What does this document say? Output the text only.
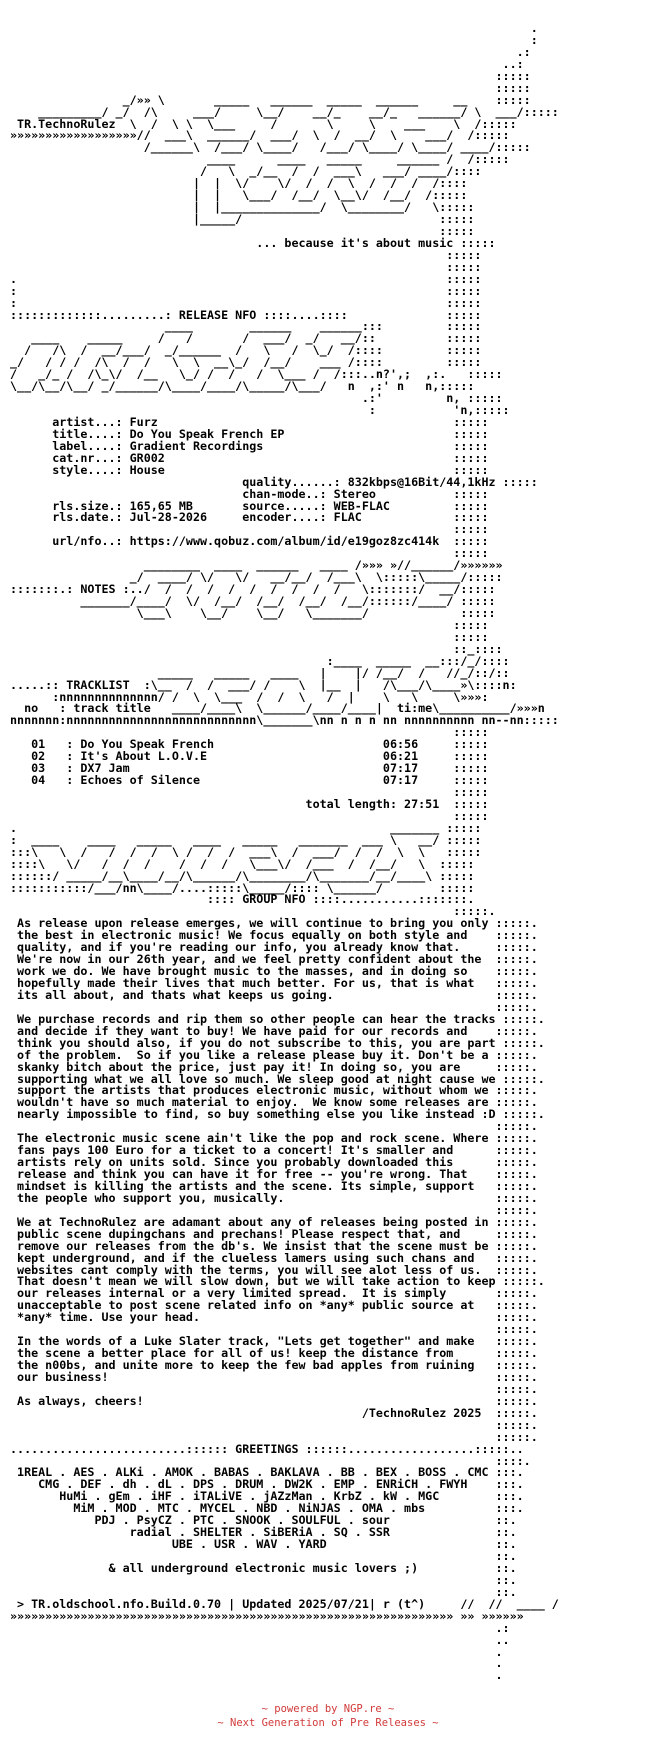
.
:
.:
..:
:::::
:::::
_/»» \       _____   ______  _____  ______     __    :::::
_________/ _/  /\     ___/     \__/    __/_    __/_   ______/ \  ___/:::::
TR.TechnoRulez  \  /  \ \  \___     /       \     \    ___    \  /:::::
»»»»»»»»»»»»»»»»»»//  ___\  ______/  ___/  \  /  __/  \    ___/  /:::::
/______\  /___/ \____/   /___/ \____/ \____/ ____/:::::
____      ____   _____     ______ /  /:::::
/   \  _/__  /  /  ___\   ___/ ____/::::
|  |  \/    \/  /  /  \  /  /  /  /::::
|  |   \___/  /__/  \__\/  /__/  /:::::
|  |______________/  \________/   \:::::
|_____/                            :::::
:::::
... because it's about music :::::
:::::
:::::
.                                                             :::::
:                                                             :::::
:                                                             :::::
:::::::::::::.........: RELEASE NFO ::::....::::              :::::
____        ______    ______:::         :::::
____    _____     /   /       /  ___/  _/   __/::          :::::
/   /\  /  __/___/  _/______  /   \   /  \_/  /::::         :::::
_/   / / /  /\  /  /   \  \  __\_/  /__/    ___ /::::         :::::
/   _/_ /  /\_\/  /__   \_/ /  /   /  \___ /  /:::..n?',;  ,:.   :::::
\__/\__/\__/ _/______/\____/____/\_____/\___/   n  ,:' n   n,:::::
.:'         n, :::::
:           'n,:::::
artist...: Furz                                          :::::
title....: Do You Speak French EP                        :::::
label....: Gradient Recordings                           :::::
cat.nr...: GR002                                         :::::
style....: House                                         :::::
quality......: 832kbps@16Bit/44,1kHz :::::
chan-mode..: Stereo           :::::
rls.size.: 165,65 MB       source.....: WEB-FLAC         :::::
rls.date.: Jul-28-2026     encoder....: FLAC             :::::
:::::
url/nfo..: https://www.qobuz.com/album/id/e19goz8zc414k  :::::
:::::
________  ____  ______   ____ /»»» »//______/»»»»»»
_/  ____/ \/   \/   __/__/  /___\  \:::::\_____/:::::
:::::::.: NOTES :../  /  /  /  /  /  /  /  /  /   \:::::::/  __/:::::
_______/____/  \/  /__/  /__/  /__/  /__/::::::/____/ :::::
\___\    \__/    \__/   \_______/             :::::
:::::
:::::
::_::::
:____  _____  __:::/_/::::
_____   _____   ____   |    |/ /__/  /   //_/::/::
.....:: TRACKLIST  :\__  /  /  ___/ /    \  |__  |   /\___/\____»\::::n:
:nnnnnnnnnnnnnn/ /  \  \___  /  /  \   /  |    \   \     \»»»:
no   : track title   ____/____\  \______/____/____|  ti:me\__________/»»»n
nnnnnnn:nnnnnnnnnnnnnnnnnnnnnnnnnnn\_______\nn n n n nn nnnnnnnnnn nn--nn:::::
:::::
01   : Do You Speak French                        06:56     :::::
02   : It's About L.O.V.E                         06:21     :::::
03   : DX7 Jam                                    07:17     :::::
04   : Echoes of Silence                          07:17     :::::
:::::
total length: 27:51  :::::
:::::
.                                                     _______ :::::
:  ____    ____   _____   ____   _____   _______  ___ \   __/ :::::
:::\   \  /   /  /  /  \ /  /  /  ___\  /  ___/  /  /  \  \   :::::
::::\   \/   /  /  /    /  /  /   \___\/  /___  /  /__/   \  :::::
::::::/ _____/__\____/__/\______/\________/\_______/__/____\ :::::
:::::::::::/___/nn\____/....:::::\_____/:::: \______/        :::::
:::: GROUP NFO ::::...........:::::::.
:::::.
As release upon release emerges, we will continue to bring you only :::::.
the best in electronic music! We focus equally on both style and    :::::.
quality, and if you're reading our info, you already know that.     :::::.
We're now in our 26th year, and we feel pretty confident about the  :::::.
work we do. We have brought music to the masses, and in doing so    :::::.
hopefully made their lives that much better. For us, that is what   :::::.
its all about, and thats what keeps us going.                       :::::.
:::::.
We purchase records and rip them so other people can hear the tracks :::::.
and decide if they want to buy! We have paid for our records and    :::::.
think you should also, if you do not subscribe to this, you are part :::::.
of the problem.  So if you like a release please buy it. Don't be a :::::.
skanky bitch about the price, just pay it! In doing so, you are     :::::.
supporting what we all love so much. We sleep good at night cause we :::::.
support the artists that produces electronic music, without whom we :::::.
wouldn't have so much material to enjoy.  We know some releases are :::::.
nearly impossible to find, so buy something else you like instead :D :::::.
:::::.
The electronic music scene ain't like the pop and rock scene. Where :::::.
fans pays 100 Euro for a ticket to a concert! It's smaller and      :::::.
artists rely on units sold. Since you probably downloaded this      :::::.
release and think you can have it for free -- you're wrong. That    :::::.
mindset is killing the artists and the scene. Its simple, support   :::::.
the people who support you, musically.                              :::::.
:::::.
We at TechnoRulez are adamant about any of releases being posted in :::::.
public scene dupingchans and prechans! Please respect that, and     :::::.
remove our releases from the db's. We insist that the scene must be :::::.
kept underground, and if the clueless lamers using such chans and   :::::.
websites cant comply with the terms, you will see alot less of us.  :::::.
That doesn't mean we will slow down, but we will take action to keep :::::.
our releases internal or a very limited spread.  It is simply       :::::.
unacceptable to post scene related info on *any* public source at   :::::.
*any* time. Use your head.                                          :::::.
:::::.
In the words of a Luke Slater track, "Lets get together" and make   :::::.
the scene a better place for all of us! keep the distance from      :::::.
the n00bs, and unite more to keep the few bad apples from ruining   :::::.
our business!                                                       :::::.
:::::.
As always, cheers!                                                  :::::.
/TechnoRulez 2025  :::::.
:::::.
:::::.
.........................:::::: GREETINGS ::::::..................:::::..
::::.
1REAL . AES . ALKi . AMOK . BABAS . BAKLAVA . BB . BEX . BOSS . CMC :::.
CMG . DEF . dh . dL . DPS . DRUM . DW2K . EMP . ENRiCH . FWYH    :::.
HuMi . gEm . iHF . iTALiVE . jAZzMan . KrbZ . kW . MGC        :::.
MiM . MOD . MTC . MYCEL . NBD . NiNJAS . OMA . mbs          :::.
PDJ . PsyCZ . PTC . SNOOK . SOULFUL . sour               ::.
radial . SHELTER . SiBERiA . SQ . SSR               ::.
UBE . USR . WAV . YARD                        ::.
::.
& all underground electronic music lovers ;)           ::.
::.
::.
> TR.oldschool.nfo.Build.0.70 | Updated 2025/07/21| r (t^)     //  //  ____ /
»»»»»»»»»»»»»»»»»»»»»»»»»»»»»»»»»»»»»»»»»»»»»»»»»»»»»»»»»»»»»»» »» »»»»»»
.:
..
.
.
.
~ powered by NGP.re ~
~ Next Generation of Pre Releases ~
